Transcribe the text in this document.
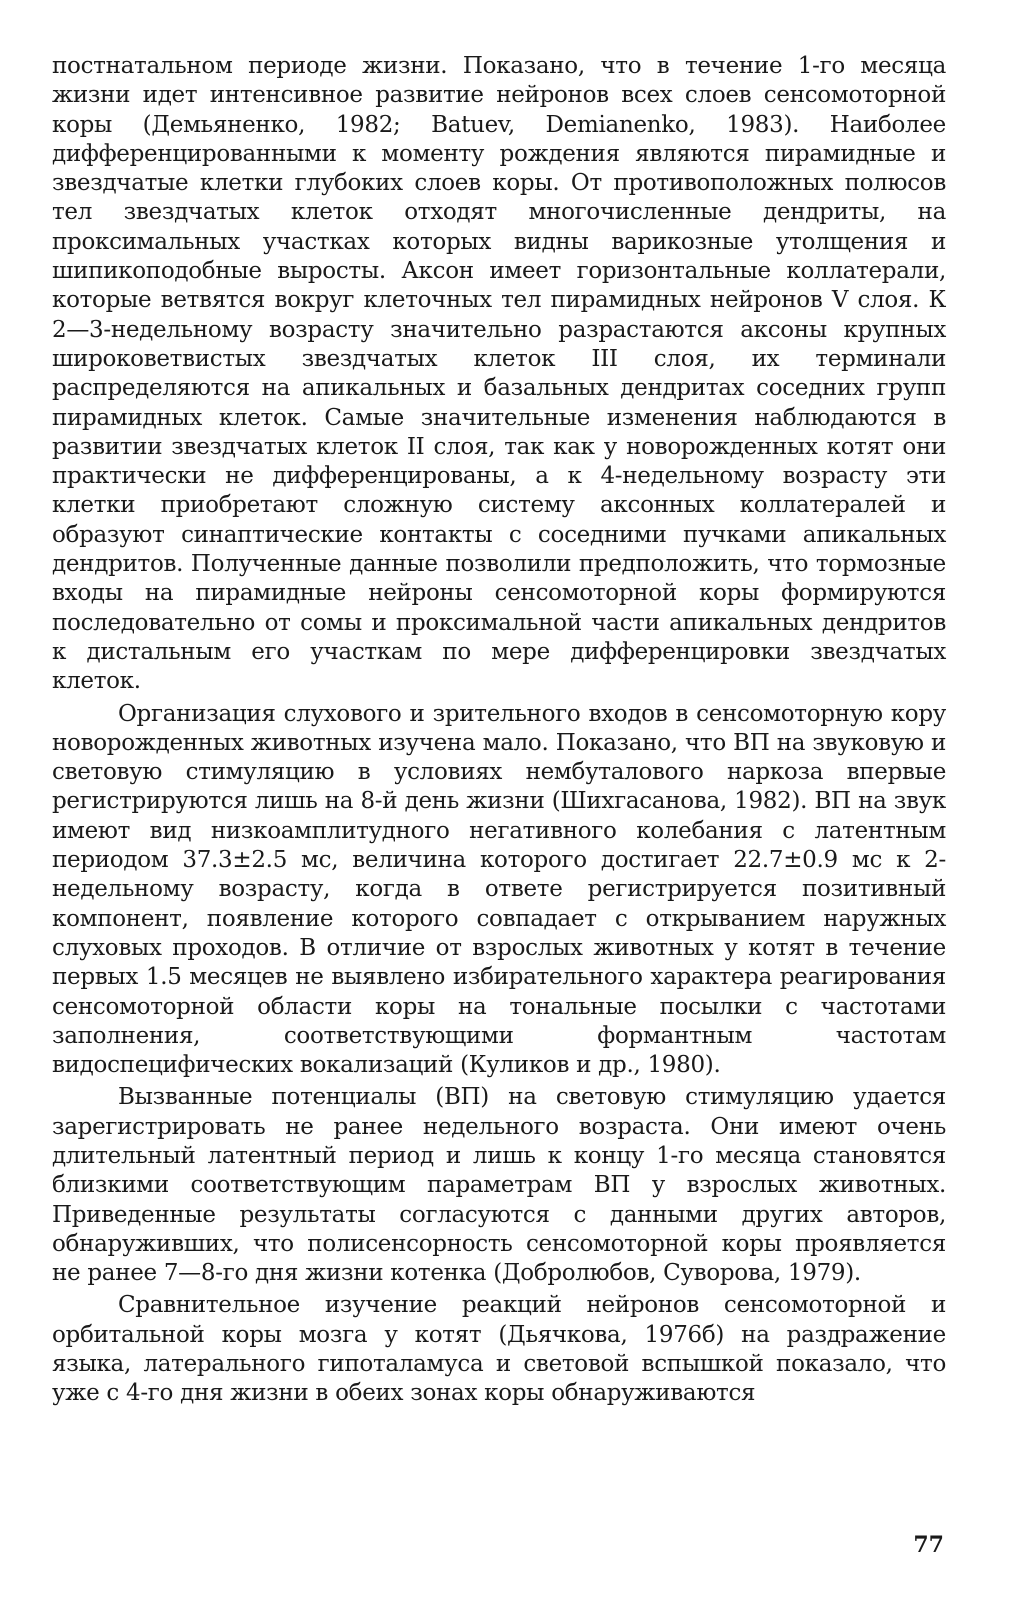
постнатальном периоде жизни. Показано, что в течение 1-го месяца жизни идет интенсивное развитие нейронов всех слоев сенсомоторной коры (Демьяненко, 1982; Batuev, Demianenko, 1983). Наиболее дифференцированными к моменту рождения являются пирамидные и звездчатые клетки глубоких слоев коры. От противоположных полюсов тел звездчатых клеток отходят многочисленные дендриты, на проксимальных участках которых видны варикозные утолщения и шипикоподобные выросты. Аксон имеет горизонтальные коллатерали, которые ветвятся вокруг клеточных тел пирамидных нейронов V слоя. К 2—3-недельному возрасту значительно разрастаются аксоны крупных широковетвистых звездчатых клеток III слоя, их терминали распределяются на апикальных и базальных дендритах соседних групп пирамидных клеток. Самые значительные изменения наблюдаются в развитии звездчатых клеток II слоя, так как у новорожденных котят они практически не дифференцированы, а к 4-недельному возрасту эти клетки приобретают сложную систему аксонных коллатералей и образуют синаптические контакты с соседними пучками апикальных дендритов. Полученные данные позволили предположить, что тормозные входы на пирамидные нейроны сенсомоторной коры формируются последовательно от сомы и проксимальной части апикальных дендритов к дистальным его участкам по мере дифференцировки звездчатых клеток.

Организация слухового и зрительного входов в сенсомоторную кору новорожденных животных изучена мало. Показано, что ВП на звуковую и световую стимуляцию в условиях нембуталового наркоза впервые регистрируются лишь на 8-й день жизни (Шихгасанова, 1982). ВП на звук имеют вид низкоамплитудного негативного колебания с латентным периодом 37.3±2.5 мс, величина которого достигает 22.7±0.9 мс к 2-недельному возрасту, когда в ответе регистрируется позитивный компонент, появление которого совпадает с открыванием наружных слуховых проходов. В отличие от взрослых животных у котят в течение первых 1.5 месяцев не выявлено избирательного характера реагирования сенсомоторной области коры на тональные посылки с частотами заполнения, соответствующими формантным частотам видоспецифических вокализаций (Куликов и др., 1980).

Вызванные потенциалы (ВП) на световую стимуляцию удается зарегистрировать не ранее недельного возраста. Они имеют очень длительный латентный период и лишь к концу 1-го месяца становятся близкими соответствующим параметрам ВП у взрослых животных. Приведенные результаты согласуются с данными других авторов, обнаруживших, что полисенсорность сенсомоторной коры проявляется не ранее 7—8-го дня жизни котенка (Добролюбов, Суворова, 1979).

Сравнительное изучение реакций нейронов сенсомоторной и орбитальной коры мозга у котят (Дьячкова, 1976б) на раздражение языка, латерального гипоталамуса и световой вспышкой показало, что уже с 4-го дня жизни в обеих зонах коры обнаруживаются

77
